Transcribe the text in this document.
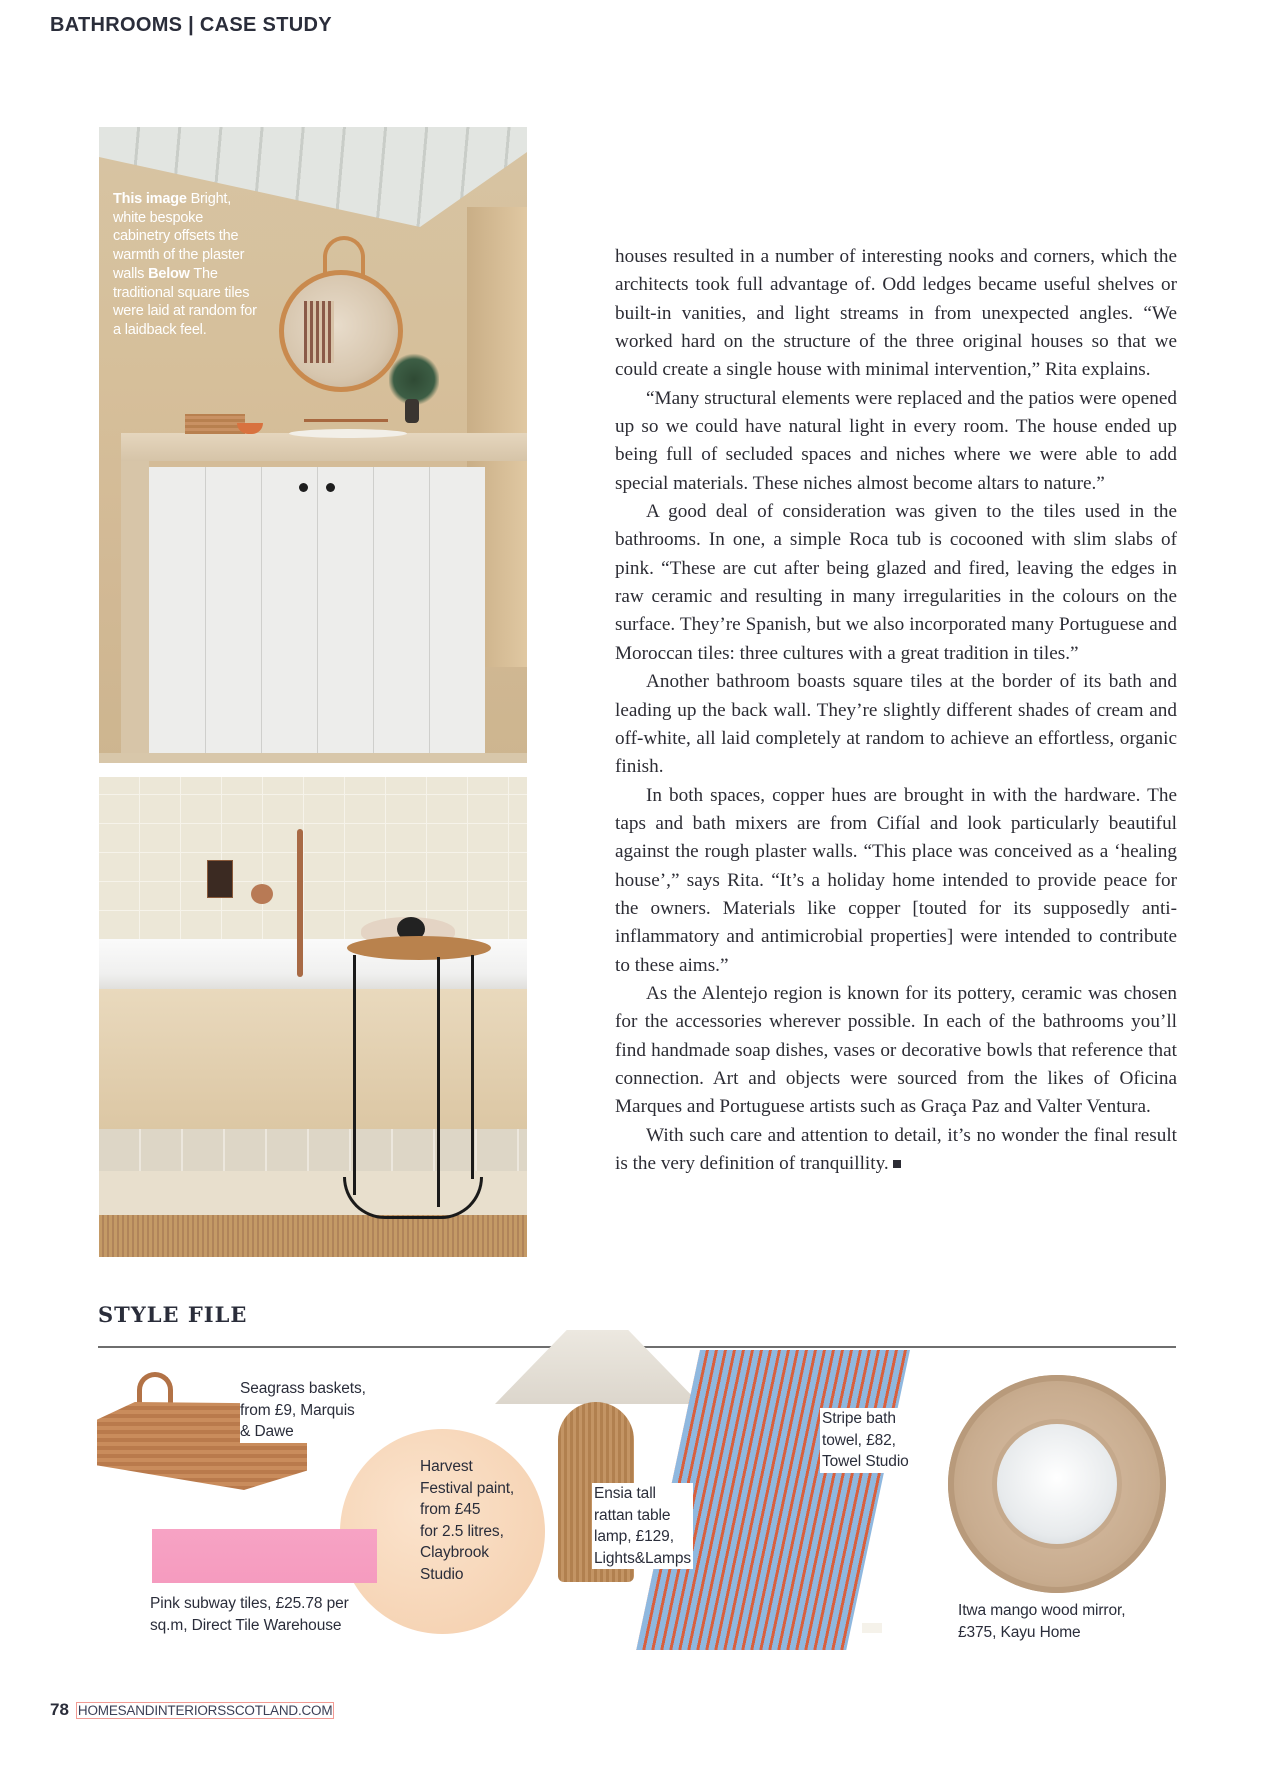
BATHROOMS | CASE STUDY
This image Bright, white bespoke cabinetry offsets the warmth of the plaster walls Below The traditional square tiles were laid at random for a laidback feel.

houses resulted in a number of interesting nooks and corners, which the architects took full advantage of. Odd ledges became useful shelves or built-in vanities, and light streams in from unexpected angles. “We worked hard on the structure of the three original houses so that we could create a single house with minimal intervention,” Rita explains.

“Many structural elements were replaced and the patios were opened up so we could have natural light in every room. The house ended up being full of secluded spaces and niches where we were able to add special materials. These niches almost become altars to nature.”

A good deal of consideration was given to the tiles used in the bathrooms. In one, a simple Roca tub is cocooned with slim slabs of pink. “These are cut after being glazed and fired, leaving the edges in raw ceramic and resulting in many irregularities in the colours on the surface. They’re Spanish, but we also incorporated many Portuguese and Moroccan tiles: three cultures with a great tradition in tiles.”

Another bathroom boasts square tiles at the border of its bath and leading up the back wall. They’re slightly different shades of cream and off-white, all laid completely at random to achieve an effortless, organic finish.

In both spaces, copper hues are brought in with the hardware. The taps and bath mixers are from Cifíal and look particularly beautiful against the rough plaster walls. “This place was conceived as a ‘healing house’,” says Rita. “It’s a holiday home intended to provide peace for the owners. Materials like copper [touted for its supposedly anti-inflammatory and antimicrobial properties] were intended to contribute to these aims.”

As the Alentejo region is known for its pottery, ceramic was chosen for the accessories wherever possible. In each of the bathrooms you’ll find handmade soap dishes, vases or decorative bowls that reference that connection. Art and objects were sourced from the likes of Oficina Marques and Portuguese artists such as Graça Paz and Valter Ventura.

With such care and attention to detail, it’s no wonder the final result is the very definition of tranquillity.

STYLE FILE
Seagrass baskets,
from £9, Marquis
& Dawe
Harvest
Festival paint,
from £45
for 2.5 litres,
Claybrook
Studio
Ensia tall
rattan table
lamp, £129,
Lights&Lamps
Stripe bath
towel, £82,
Towel Studio
Pink subway tiles, £25.78 per
sq.m, Direct Tile Warehouse
Itwa mango wood mirror,
£375, Kayu Home
78 HOMESANDINTERIORSSCOTLAND.COM
